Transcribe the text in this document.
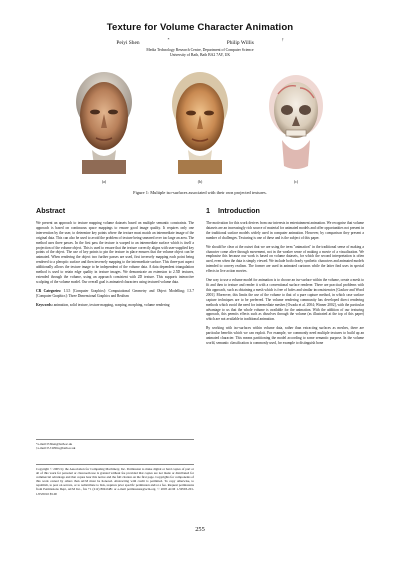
Texture for Volume Character Animation
Peiyi Shen	*	Philip Willis	†
Media Technology Research Centre, Department of Computer Science
University of Bath, Bath BA2 7AY, UK
(a)	(b)	(c)
Figure 1: Multiple iso-surfaces associated with their own projected textures.
Abstract

We present an approach to texture mapping volume datasets based on multiple semantic constraints. The approach is based on continuous space mappings to ensure good image quality. It requires only one intervention by the user, to determine key points where the texture must match an intermediate image of the original data. This can also be used to avoid the problem of texture being smeared over too large an area. The method uses three passes. In the first pass the texture is warped to an intermediate surface which is itself a projection of the volume object. This is used to ensure that the texture correctly aligns with user-supplied key points of the object. The use of key points to pin the texture in place ensures that the volume object can be animated. When rendering the object two further passes are used, first inversely mapping each point being rendered to a pleroptic surface and then inversely mapping to the intermediate surface. This three-part aspect additionally allows the texture image to be independent of the volume data. A data dependent triangulation method is used to retain edge quality in texture images. We demonstrate an extension to 2.5D textures, extended through the volume, using an approach consistent with 2D texture. This supports interactive sculpting of the volume model. Our overall goal is animated characters using textured volume data.

CR Categories: I.3.5 [Computer Graphics]: Computational Geometry and Object Modelling; I.3.7 [Computer Graphics]: Three Dimensional Graphics and Realism

Keywords: animation, solid texture, texture mapping, warping, morphing, volume rendering

*e-mail: P.Shen@bath.ac.uk
†e-mail: P.J.Willis@bath.ac.uk
Copyright © 2005 by the Association for Computing Machinery, Inc. Permission to make digital or hard copies of part or all of this work for personal or classroom use is granted without fee provided that copies are not made or distributed for commercial advantage and that copies bear this notice and the full citation on the first page. Copyrights for components of this work owned by others than ACM must be honored. Abstracting with credit is permitted. To copy otherwise, to republish, to post on servers, or to redistribute to lists, requires prior specific permission and/or a fee. Request permissions from Permissions Dept, ACM Inc., fax +1 (212) 869-0481 or e-mail permissions@acm.org. © 2005 ACM 1-59593-201-1/05/0010 $5.00
1 Introduction

The motivation for this work derives from our interests in entertainment animation. We recognise that volume datasets are an increasingly rich source of material for animated models and offer opportunities not present in the traditional surface models widely used in computer animation. However, by comparison they present a number of challenges. Texturing is one of these and is the subject of this paper.

We should be clear at the outset that we are using the term "animation" in the traditional sense of making a character come alive through movement, not in the weaker sense of making a movie of a visualisation. We emphasise this because our work is based on volume datasets, for which the second interpretation is often used, even when the data is simply viewed. We include both clearly synthetic characters and animated models intended to convey realism. The former are used in animated cartoons while the latter find uses in special effects in live action movies.

One way to use a volume model for animation is to choose an iso-surface within the volume, create a mesh to fit and then to texture and render it with a conventional surface renderer. There are practical problems with this approach, such as obtaining a mesh which is free of holes and similar inconsistencies [Gaskov and Wood 2001]. Moreover, this limits the use of the volume to that of a pure capture method, in which case surface capture techniques are to be preferred. The volume rendering community has developed direct rendering methods which avoid the need for intermediate meshes [Owada et al. 2004; Winner 2002], with the particular advantage to us that the whole volume is available for the animation. With the addition of our texturing approach, this permits effects such as dissolves through the volume (as illustrated at the top of this paper) which are not available in traditional animation.

By working with iso-surfaces within volume data, rather than extracting surfaces as meshes, there are particular benefits which we can exploit. For example, we commonly need multiple textures to build up an animated character. This means partitioning the model according to some semantic purpose. In the volume world, semantic classification is commonly used, for example to distinguish bone

255
